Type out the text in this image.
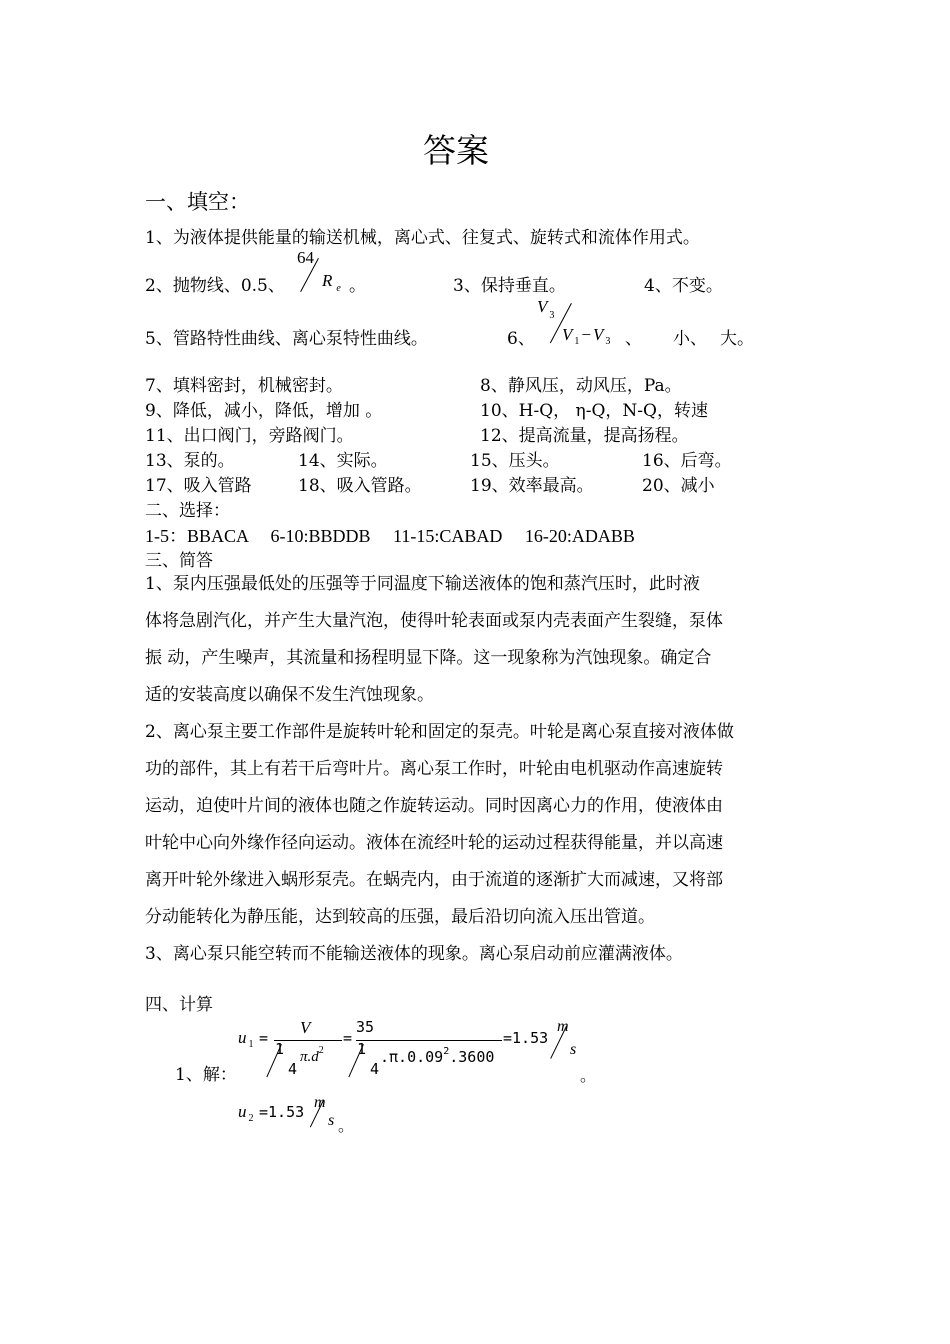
答案
一、填空：
1、为液体提供能量的输送机械，离心式、往复式、旋转式和流体作用式。
2、抛物线、0.5、
64
R $_e$ 。	3、保持垂直。	4、不变。
5、管路特性曲线、离心泵特性曲线。	6、
V $_3$
V $_1$ − V $_3$ 、 小、 大。
7、填料密封，机械密封。	8、静风压，动风压，Pa。
9、降低，减小，降低，增加 。	10、H-Q， η-Q，N-Q，转速
11、出口阀门，旁路阀门。	12、提高流量，提高扬程。
13、泵的。	14、实际。	15、压头。	16、后弯。
17、吸入管路	18、吸入管路。	19、效率最高。	20、减小
二、选择：
1-5：BBACA 6-10:BBDDB 11-15:CABAD 16-20:ADABB
三、简答
1、泵内压强最低处的压强等于同温度下输送液体的饱和蒸汽压时，此时液
体将急剧汽化，并产生大量汽泡，使得叶轮表面或泵内壳表面产生裂缝，泵体
振 动，产生噪声，其流量和扬程明显下降。这一现象称为汽蚀现象。确定合
适的安装高度以确保不发生汽蚀现象。
2、离心泵主要工作部件是旋转叶轮和固定的泵壳。叶轮是离心泵直接对液体做
功的部件，其上有若干后弯叶片。离心泵工作时，叶轮由电机驱动作高速旋转
运动，迫使叶片间的液体也随之作旋转运动。同时因离心力的作用，使液体由
叶轮中心向外缘作径向运动。液体在流经叶轮的运动过程获得能量，并以高速
离开叶轮外缘进入蜗形泵壳。在蜗壳内，由于流道的逐渐扩大而减速，又将部
分动能转化为静压能，达到较高的压强，最后沿切向流入压出管道。
3、离心泵只能空转而不能输送液体的现象。离心泵启动前应灌满液体。
四、计算
1、解：
u $_1$ =
V
1
4
$\pi.d^2$
=
35
1
4
$.\pi.0.09^2.3600$
=1.53
m
s
。
u $_2$ =1.53
m
s 。
